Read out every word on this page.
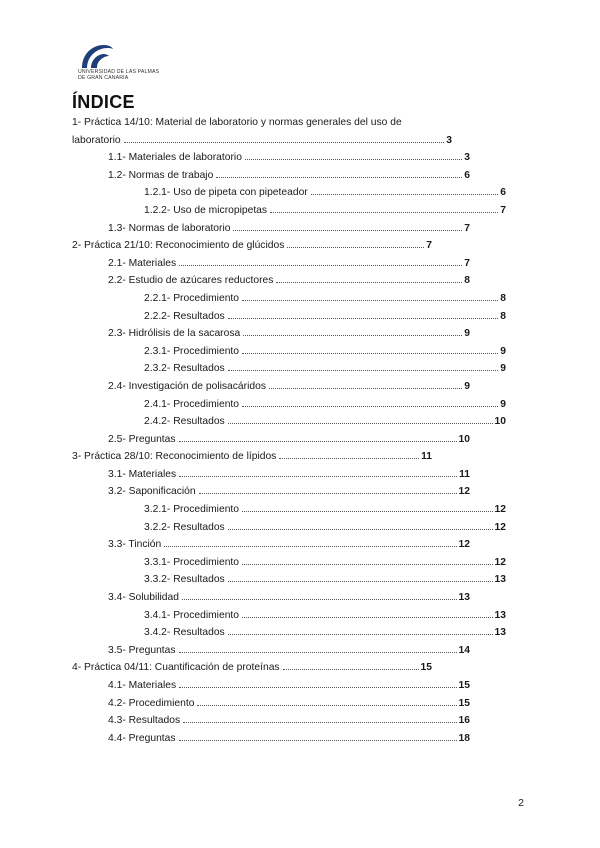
UNIVERSIDAD DE LAS PALMAS
DE GRAN CANARIA
ÍNDICE
1- Práctica 14/10: Material de laboratorio y normas generales del uso de
laboratorio	3
1.1- Materiales de laboratorio	3
1.2- Normas de trabajo	6
1.2.1- Uso de pipeta con pipeteador	6
1.2.2- Uso de micropipetas	7
1.3- Normas de laboratorio	7
2- Práctica 21/10: Reconocimiento de glúcidos	7
2.1- Materiales	7
2.2- Estudio de azúcares reductores	8
2.2.1- Procedimiento	8
2.2.2- Resultados	8
2.3- Hidrólisis de la sacarosa	9
2.3.1- Procedimiento	9
2.3.2- Resultados	9
2.4- Investigación de polisacáridos	9
2.4.1- Procedimiento	9
2.4.2- Resultados	10
2.5- Preguntas	10
3- Práctica 28/10: Reconocimiento de lípidos	11
3.1- Materiales	11
3.2- Saponificación	12
3.2.1- Procedimiento	12
3.2.2- Resultados	12
3.3- Tinción	12
3.3.1- Procedimiento	12
3.3.2- Resultados	13
3.4- Solubilidad	13
3.4.1- Procedimiento	13
3.4.2- Resultados	13
3.5- Preguntas	14
4- Práctica 04/11: Cuantificación de proteínas	15
4.1- Materiales	15
4.2- Procedimiento	15
4.3- Resultados	16
4.4- Preguntas	18
2
